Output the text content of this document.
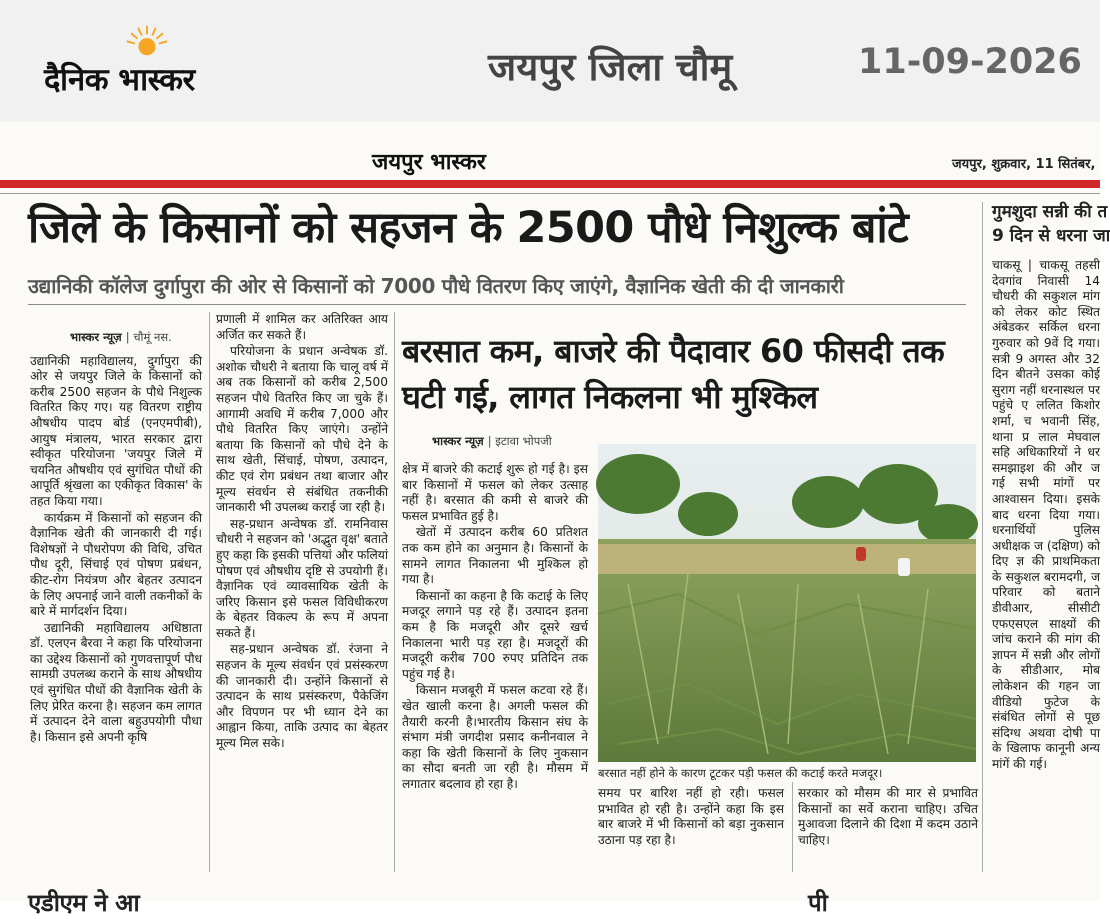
दैनिक भास्कर	जयपुर जिला चौमू	11-09-2026
जयपुर भास्कर	जयपुर, शुक्रवार, 11 सितंबर,
जिले के किसानों को सहजन के 2500 पौधे निशुल्क बांटे
उद्यानिकी कॉलेज दुर्गापुरा की ओर से किसानों को 7000 पौधे वितरण किए जाएंगे, वैज्ञानिक खेती की दी जानकारी
भास्कर न्यूज़ | चौमूं नस.

उद्यानिकी महाविद्यालय, दुर्गापुरा की ओर से जयपुर जिले के किसानों को करीब 2500 सहजन के पौधे निशुल्क वितरित किए गए। यह वितरण राष्ट्रीय औषधीय पादप बोर्ड (एनएमपीबी), आयुष मंत्रालय, भारत सरकार द्वारा स्वीकृत परियोजना 'जयपुर जिले में चयनित औषधीय एवं सुगंधित पौधों की आपूर्ति श्रृंखला का एकीकृत विकास' के तहत किया गया।

कार्यक्रम में किसानों को सहजन की वैज्ञानिक खेती की जानकारी दी गई। विशेषज्ञों ने पौधरोपण की विधि, उचित पौध दूरी, सिंचाई एवं पोषण प्रबंधन, कीट-रोग नियंत्रण और बेहतर उत्पादन के लिए अपनाई जाने वाली तकनीकों के बारे में मार्गदर्शन दिया।

उद्यानिकी महाविद्यालय अधिष्ठाता डॉ. एलएन बैरवा ने कहा कि परियोजना का उद्देश्य किसानों को गुणवत्तापूर्ण पौध सामग्री उपलब्ध कराने के साथ औषधीय एवं सुगंधित पौधों की वैज्ञानिक खेती के लिए प्रेरित करना है। सहजन कम लागत में उत्पादन देने वाला बहुउपयोगी पौधा है। किसान इसे अपनी कृषि

प्रणाली में शामिल कर अतिरिक्त आय अर्जित कर सकते हैं।

परियोजना के प्रधान अन्वेषक डॉ. अशोक चौधरी ने बताया कि चालू वर्ष में अब तक किसानों को करीब 2,500 सहजन पौधे वितरित किए जा चुके हैं। आगामी अवधि में करीब 7,000 और पौधे वितरित किए जाएंगे। उन्होंने बताया कि किसानों को पौधे देने के साथ खेती, सिंचाई, पोषण, उत्पादन, कीट एवं रोग प्रबंधन तथा बाजार और मूल्य संवर्धन से संबंधित तकनीकी जानकारी भी उपलब्ध कराई जा रही है।

सह-प्रधान अन्वेषक डॉ. रामनिवास चौधरी ने सहजन को 'अद्भुत वृक्ष' बताते हुए कहा कि इसकी पत्तियां और फलियां पोषण एवं औषधीय दृष्टि से उपयोगी हैं। वैज्ञानिक एवं व्यावसायिक खेती के जरिए किसान इसे फसल विविधीकरण के बेहतर विकल्प के रूप में अपना सकते हैं।

सह-प्रधान अन्वेषक डॉ. रंजना ने सहजन के मूल्य संवर्धन एवं प्रसंस्करण की जानकारी दी। उन्होंने किसानों से उत्पादन के साथ प्रसंस्करण, पैकेजिंग और विपणन पर भी ध्यान देने का आह्वान किया, ताकि उत्पाद का बेहतर मूल्य मिल सके।

बरसात कम, बाजरे की पैदावार 60 फीसदी तक घटी गई, लागत निकलना भी मुश्किल
भास्कर न्यूज़ | इटावा भोपजी

क्षेत्र में बाजरे की कटाई शुरू हो गई है। इस बार किसानों में फसल को लेकर उत्साह नहीं है। बरसात की कमी से बाजरे की फसल प्रभावित हुई है।

खेतों में उत्पादन करीब 60 प्रतिशत तक कम होने का अनुमान है। किसानों के सामने लागत निकालना भी मुश्किल हो गया है।

किसानों का कहना है कि कटाई के लिए मजदूर लगाने पड़ रहे हैं। उत्पादन इतना कम है कि मजदूरी और दूसरे खर्च निकालना भारी पड़ रहा है। मजदूरों की मजदूरी करीब 700 रुपए प्रतिदिन तक पहुंच गई है।

किसान मजबूरी में फसल कटवा रहे हैं। खेत खाली करना है। अगली फसल की तैयारी करनी है।भारतीय किसान संघ के संभाग मंत्री जगदीश प्रसाद कनीनवाल ने कहा कि खेती किसानों के लिए नुकसान का सौदा बनती जा रही है। मौसम में लगातार बदलाव हो रहा है।

बरसात नहीं होने के कारण टूटकर पड़ी फसल की कटाई करते मजदूर।

समय पर बारिश नहीं हो रही। फसल प्रभावित हो रही है। उन्होंने कहा कि इस बार बाजरे में भी किसानों को बड़ा नुकसान उठाना पड़ रहा है।

सरकार को मौसम की मार से प्रभावित किसानों का सर्वे कराना चाहिए। उचित मुआवजा दिलाने की दिशा में कदम उठाने चाहिए।

गुमशुदा सन्नी की त
9 दिन से धरना जा

चाकसू | चाकसू तहसी देवगांव निवासी 14 चौधरी की सकुशल मांग को लेकर कोट स्थित अंबेडकर सर्किल धरना गुरुवार को 9वें दि गया। सत्री 9 अगस्त और 32 दिन बीतने उसका कोई सुराग नहीं धरनास्थल पर पहुंचे ए ललित किशोर शर्मा, च भवानी सिंह, थाना प्र लाल मेघवाल सहि अधिकारियों ने धर समझाइश की और ज गई सभी मांगों पर आश्वासन दिया। इसके बाद धरना दिया गया। धरनार्थियों पुलिस अधीक्षक ज (दक्षिण) को दिए ज्ञ की प्राथमिकता के सकुशल बरामदगी, ज परिवार को बताने डीवीआर, सीसीटी एफएसएल साक्ष्यों की जांच कराने की मांग की ज्ञापन में सन्नी और लोगों के सीडीआर, मोब लोकेशन की गहन जा वीडियो फुटेज के संबंधित लोगों से पूछ संदिग्ध अथवा दोषी पा के खिलाफ कानूनी अन्य मांगें की गई।

एडीएम ने आ	पी
